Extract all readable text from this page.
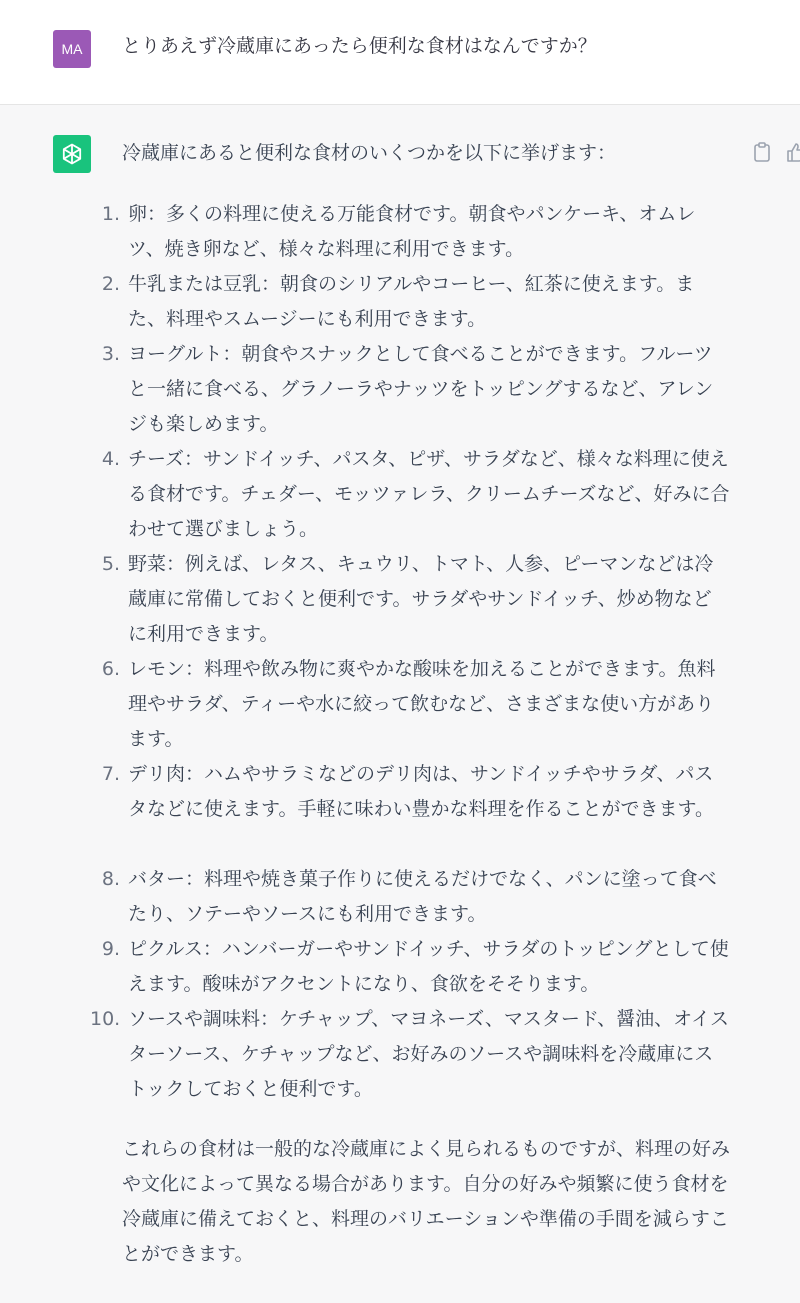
MA	とりあえず冷蔵庫にあったら便利な食材はなんですか？
冷蔵庫にあると便利な食材のいくつかを以下に挙げます：
1. 卵：多くの料理に使える万能食材です。朝食やパンケーキ、オムレツ、焼き卵など、様々な料理に利用できます。
2. 牛乳または豆乳：朝食のシリアルやコーヒー、紅茶に使えます。また、料理やスムージーにも利用できます。
3. ヨーグルト：朝食やスナックとして食べることができます。フルーツと一緒に食べる、グラノーラやナッツをトッピングするなど、アレンジも楽しめます。
4. チーズ：サンドイッチ、パスタ、ピザ、サラダなど、様々な料理に使える食材です。チェダー、モッツァレラ、クリームチーズなど、好みに合わせて選びましょう。
5. 野菜：例えば、レタス、キュウリ、トマト、人参、ピーマンなどは冷蔵庫に常備しておくと便利です。サラダやサンドイッチ、炒め物などに利用できます。
6. レモン：料理や飲み物に爽やかな酸味を加えることができます。魚料理やサラダ、ティーや水に絞って飲むなど、さまざまな使い方があります。
7. デリ肉：ハムやサラミなどのデリ肉は、サンドイッチやサラダ、パスタなどに使えます。手軽に味わい豊かな料理を作ることができます。
8. バター：料理や焼き菓子作りに使えるだけでなく、パンに塗って食べたり、ソテーやソースにも利用できます。
9. ピクルス：ハンバーガーやサンドイッチ、サラダのトッピングとして使えます。酸味がアクセントになり、食欲をそそります。
10. ソースや調味料：ケチャップ、マヨネーズ、マスタード、醤油、オイスターソース、ケチャップなど、お好みのソースや調味料を冷蔵庫にストックしておくと便利です。
これらの食材は一般的な冷蔵庫によく見られるものですが、料理の好みや文化によって異なる場合があります。自分の好みや頻繁に使う食材を冷蔵庫に備えておくと、料理のバリエーションや準備の手間を減らすことができます。
